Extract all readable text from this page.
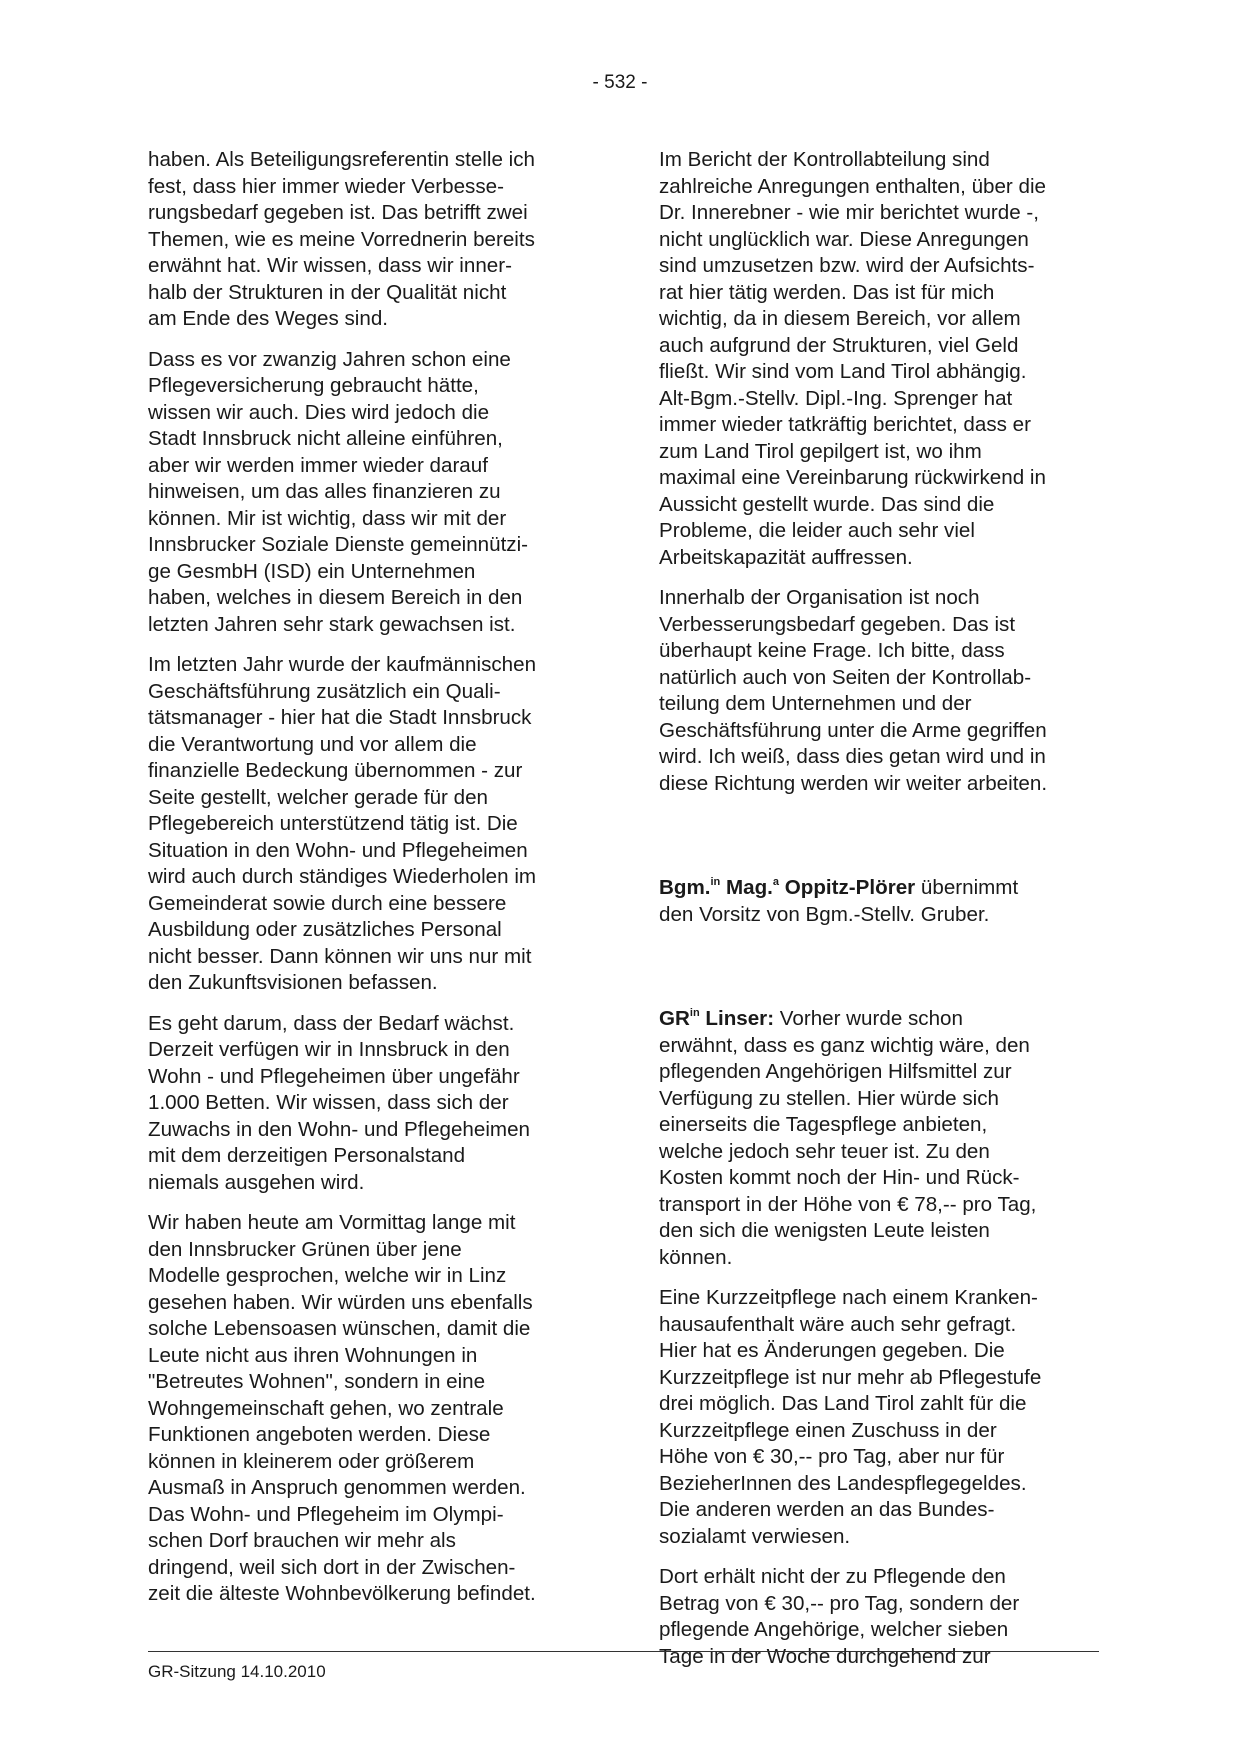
- 532 -
haben. Als Beteiligungsreferentin stelle ich
fest, dass hier immer wieder Verbesse-
rungsbedarf gegeben ist. Das betrifft zwei
Themen, wie es meine Vorrednerin bereits
erwähnt hat. Wir wissen, dass wir inner-
halb der Strukturen in der Qualität nicht
am Ende des Weges sind.
Dass es vor zwanzig Jahren schon eine
Pflegeversicherung gebraucht hätte,
wissen wir auch. Dies wird jedoch die
Stadt Innsbruck nicht alleine einführen,
aber wir werden immer wieder darauf
hinweisen, um das alles finanzieren zu
können. Mir ist wichtig, dass wir mit der
Innsbrucker Soziale Dienste gemeinnützi-
ge GesmbH (ISD) ein Unternehmen
haben, welches in diesem Bereich in den
letzten Jahren sehr stark gewachsen ist.
Im letzten Jahr wurde der kaufmännischen
Geschäftsführung zusätzlich ein Quali-
tätsmanager - hier hat die Stadt Innsbruck
die Verantwortung und vor allem die
finanzielle Bedeckung übernommen - zur
Seite gestellt, welcher gerade für den
Pflegebereich unterstützend tätig ist. Die
Situation in den Wohn- und Pflegeheimen
wird auch durch ständiges Wiederholen im
Gemeinderat sowie durch eine bessere
Ausbildung oder zusätzliches Personal
nicht besser. Dann können wir uns nur mit
den Zukunftsvisionen befassen.
Es geht darum, dass der Bedarf wächst.
Derzeit verfügen wir in Innsbruck in den
Wohn - und Pflegeheimen über ungefähr
1.000 Betten. Wir wissen, dass sich der
Zuwachs in den Wohn- und Pflegeheimen
mit dem derzeitigen Personalstand
niemals ausgehen wird.
Wir haben heute am Vormittag lange mit
den Innsbrucker Grünen über jene
Modelle gesprochen, welche wir in Linz
gesehen haben. Wir würden uns ebenfalls
solche Lebensoasen wünschen, damit die
Leute nicht aus ihren Wohnungen in
"Betreutes Wohnen", sondern in eine
Wohngemeinschaft gehen, wo zentrale
Funktionen angeboten werden. Diese
können in kleinerem oder größerem
Ausmaß in Anspruch genommen werden.
Das Wohn- und Pflegeheim im Olympi-
schen Dorf brauchen wir mehr als
dringend, weil sich dort in der Zwischen-
zeit die älteste Wohnbevölkerung befindet.
Im Bericht der Kontrollabteilung sind
zahlreiche Anregungen enthalten, über die
Dr. Innerebner - wie mir berichtet wurde -,
nicht unglücklich war. Diese Anregungen
sind umzusetzen bzw. wird der Aufsichts-
rat hier tätig werden. Das ist für mich
wichtig, da in diesem Bereich, vor allem
auch aufgrund der Strukturen, viel Geld
fließt. Wir sind vom Land Tirol abhängig.
Alt-Bgm.-Stellv. Dipl.-Ing. Sprenger hat
immer wieder tatkräftig berichtet, dass er
zum Land Tirol gepilgert ist, wo ihm
maximal eine Vereinbarung rückwirkend in
Aussicht gestellt wurde. Das sind die
Probleme, die leider auch sehr viel
Arbeitskapazität auffressen.
Innerhalb der Organisation ist noch
Verbesserungsbedarf gegeben. Das ist
überhaupt keine Frage. Ich bitte, dass
natürlich auch von Seiten der Kontrollab-
teilung dem Unternehmen und der
Geschäftsführung unter die Arme gegriffen
wird. Ich weiß, dass dies getan wird und in
diese Richtung werden wir weiter arbeiten.
Bgm.$^{in}$ Mag.$^a$ Oppitz-Plörer übernimmt
den Vorsitz von Bgm.-Stellv. Gruber.
$GR^{in}$ Linser: Vorher wurde schon
erwähnt, dass es ganz wichtig wäre, den
pflegenden Angehörigen Hilfsmittel zur
Verfügung zu stellen. Hier würde sich
einerseits die Tagespflege anbieten,
welche jedoch sehr teuer ist. Zu den
Kosten kommt noch der Hin- und Rück-
transport in der Höhe von € 78,-- pro Tag,
den sich die wenigsten Leute leisten
können.
Eine Kurzzeitpflege nach einem Kranken-
hausaufenthalt wäre auch sehr gefragt.
Hier hat es Änderungen gegeben. Die
Kurzzeitpflege ist nur mehr ab Pflegestufe
drei möglich. Das Land Tirol zahlt für die
Kurzzeitpflege einen Zuschuss in der
Höhe von € 30,-- pro Tag, aber nur für
BezieherInnen des Landespflegegeldes.
Die anderen werden an das Bundes-
sozialamt verwiesen.
Dort erhält nicht der zu Pflegende den
Betrag von € 30,-- pro Tag, sondern der
pflegende Angehörige, welcher sieben
Tage in der Woche durchgehend zur
GR-Sitzung 14.10.2010
